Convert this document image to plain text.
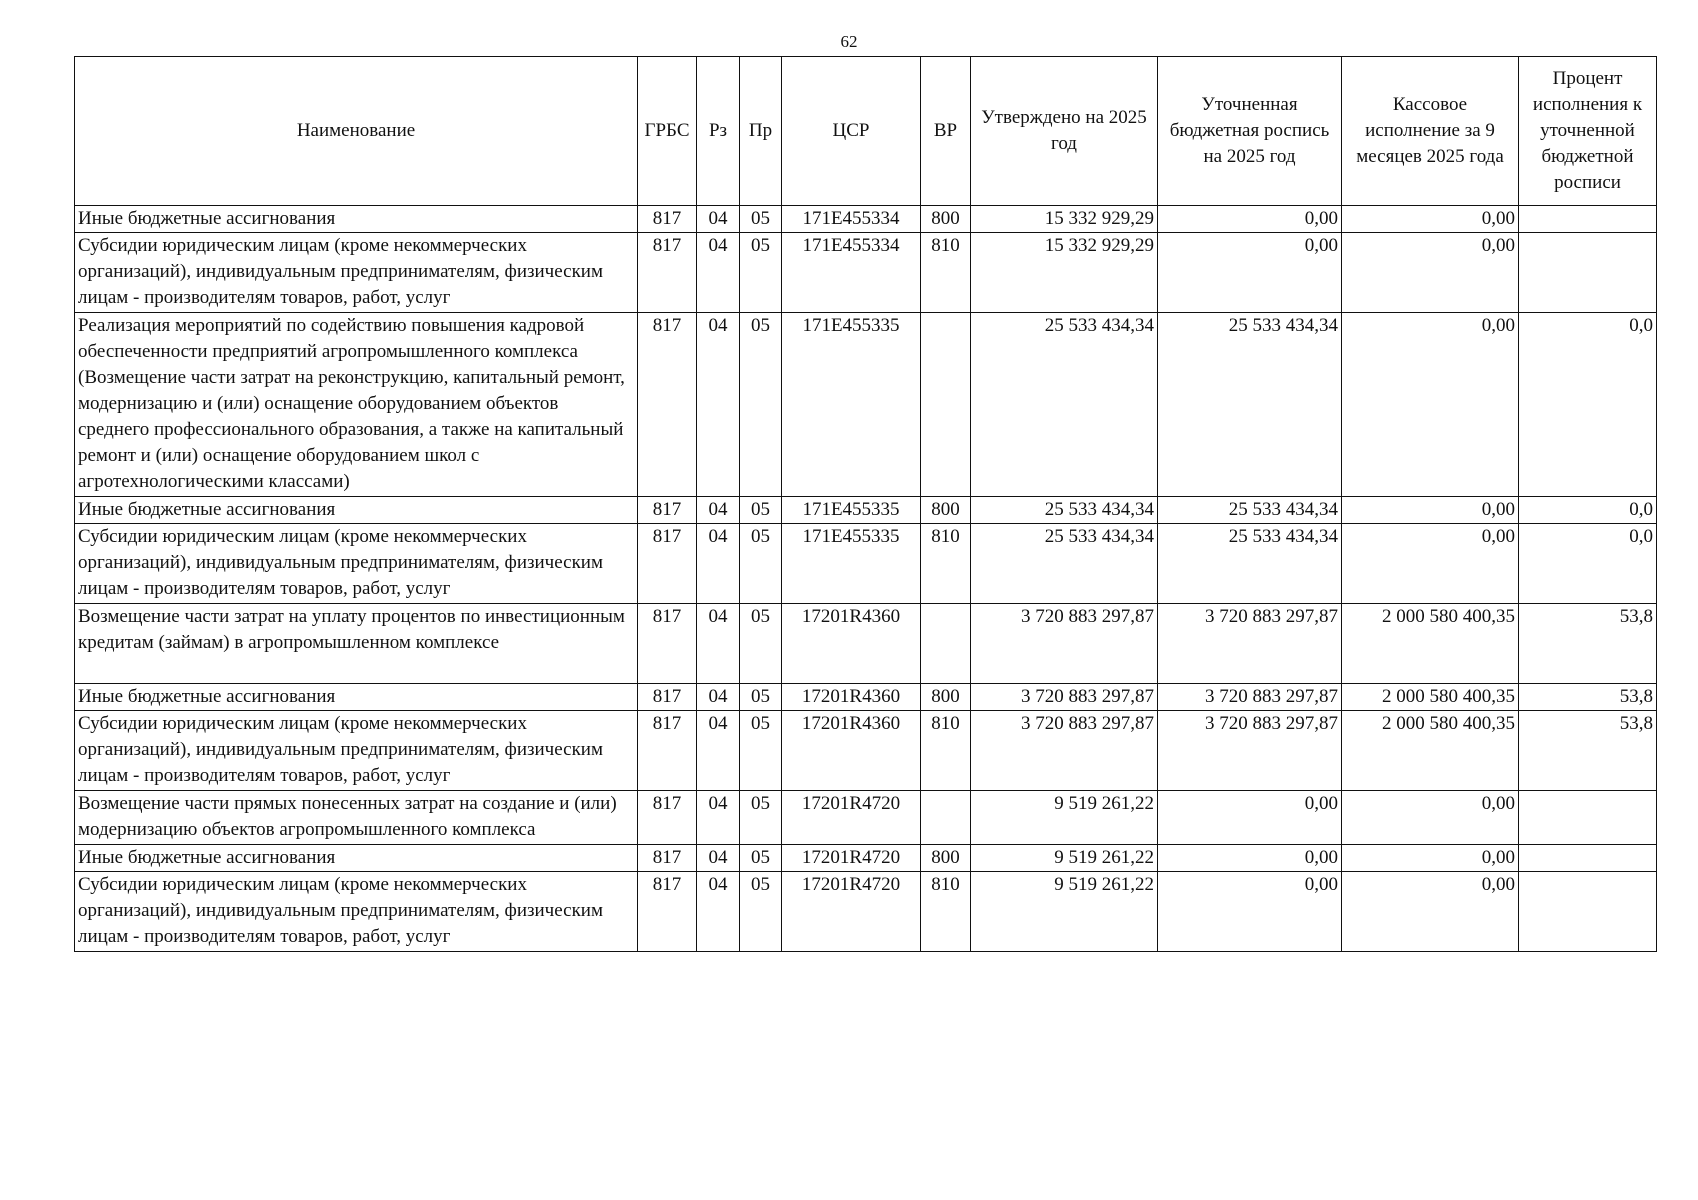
62
Наименование	ГРБС	Рз	Пр	ЦСР	ВР	Утверждено на 2025 год	Уточненная бюджетная роспись на 2025 год	Кассовое исполнение за 9 месяцев 2025 года	Процент исполнения к уточненной бюджетной росписи
Иные бюджетные ассигнования	817	04	05	171E455334	800	15 332 929,29	0,00	0,00	
Субсидии юридическим лицам (кроме некоммерческих организаций), индивидуальным предпринимателям, физическим лицам - производителям товаров, работ, услуг	817	04	05	171E455334	810	15 332 929,29	0,00	0,00	
Реализация мероприятий по содействию повышения кадровой обеспеченности предприятий агропромышленного комплекса (Возмещение части затрат на реконструкцию, капитальный ремонт, модернизацию и (или) оснащение оборудованием объектов среднего профессионального образования, а также на капитальный ремонт и (или) оснащение оборудованием школ с агротехнологическими классами)	817	04	05	171E455335		25 533 434,34	25 533 434,34	0,00	0,0
Иные бюджетные ассигнования	817	04	05	171E455335	800	25 533 434,34	25 533 434,34	0,00	0,0
Субсидии юридическим лицам (кроме некоммерческих организаций), индивидуальным предпринимателям, физическим лицам - производителям товаров, работ, услуг	817	04	05	171E455335	810	25 533 434,34	25 533 434,34	0,00	0,0
Возмещение части затрат на уплату процентов по инвестиционным кредитам (займам) в агропромышленном комплексе	817	04	05	17201R4360		3 720 883 297,87	3 720 883 297,87	2 000 580 400,35	53,8
Иные бюджетные ассигнования	817	04	05	17201R4360	800	3 720 883 297,87	3 720 883 297,87	2 000 580 400,35	53,8
Субсидии юридическим лицам (кроме некоммерческих организаций), индивидуальным предпринимателям, физическим лицам - производителям товаров, работ, услуг	817	04	05	17201R4360	810	3 720 883 297,87	3 720 883 297,87	2 000 580 400,35	53,8
Возмещение части прямых понесенных затрат на создание и (или) модернизацию объектов агропромышленного комплекса	817	04	05	17201R4720		9 519 261,22	0,00	0,00	
Иные бюджетные ассигнования	817	04	05	17201R4720	800	9 519 261,22	0,00	0,00	
Субсидии юридическим лицам (кроме некоммерческих организаций), индивидуальным предпринимателям, физическим лицам - производителям товаров, работ, услуг	817	04	05	17201R4720	810	9 519 261,22	0,00	0,00	
